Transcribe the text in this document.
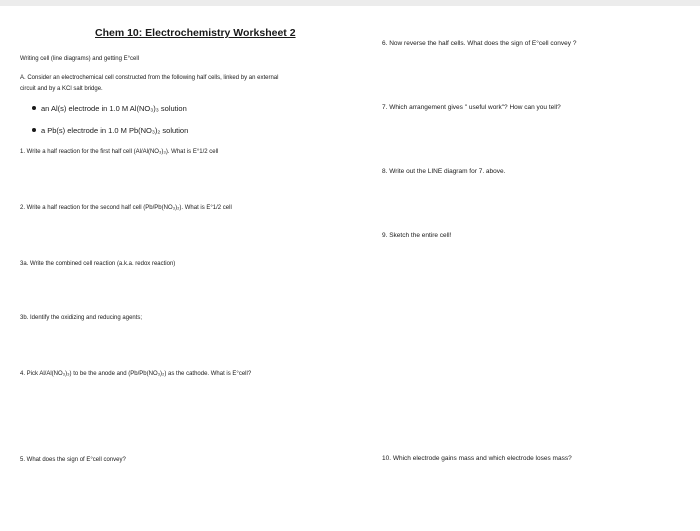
Chem 10: Electrochemistry Worksheet 2
Writing cell (line diagrams) and getting E°cell
A. Consider an electrochemical cell constructed from the following half cells, linked by an external
circuit and by a KCl salt bridge.
an Al(s) electrode in 1.0 M Al(NO₃)₃ solution
a Pb(s) electrode in 1.0 M Pb(NO₃)₂ solution
1. Write a half reaction for the first half cell (Al/Al(NO₃)₃). What is E°1/2 cell
2. Write a half reaction for the second half cell (Pb/Pb(NO₃)₂). What is E°1/2 cell
3a. Write the combined cell reaction (a.k.a. redox reaction)
3b. Identify the oxidizing and reducing agents;
4. Pick Al/Al(NO₃)₃) to be the anode and (Pb/Pb(NO₃)₂) as the cathode. What is E°cell?
5. What does the sign of E°cell convey?
6. Now reverse the half cells. What does the sign of E°cell convey ?
7. Which arrangement gives " useful work"? How can you tell?
8. Write out the LINE diagram for 7. above.
9. Sketch the entire cell!
10. Which electrode gains mass and which electrode loses mass?
